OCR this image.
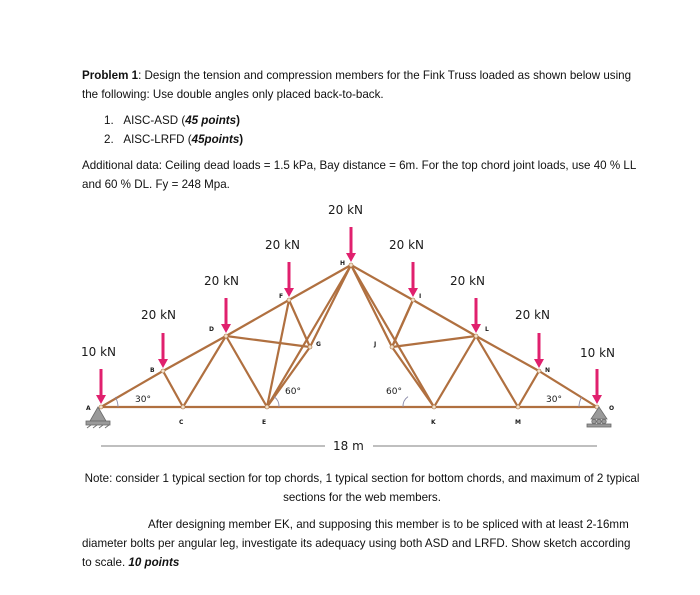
Problem 1: Design the tension and compression members for the Fink Truss loaded as shown below using the following: Use double angles only placed back-to-back.
1. AISC-ASD (45 points)
2. AISC-LRFD (45points)
Additional data: Ceiling dead loads = 1.5 kPa, Bay distance = 6m. For the top chord joint loads, use 40 % LL and 60 % DL. Fy = 248 Mpa.
10 kN
20 kN
20 kN
20 kN
20 kN
20 kN
20 kN
20 kN
10 kN
A
B
C
D
E
F
G
H
I
J
K
L
M
N
O
30°
60°	60°
30°
18 m
Note: consider 1 typical section for top chords, 1 typical section for bottom chords, and maximum of 2 typical sections for the web members.
After designing member EK, and supposing this member is to be spliced with at least 2-16mm diameter bolts per angular leg, investigate its adequacy using both ASD and LRFD. Show sketch according to scale. 10 points
